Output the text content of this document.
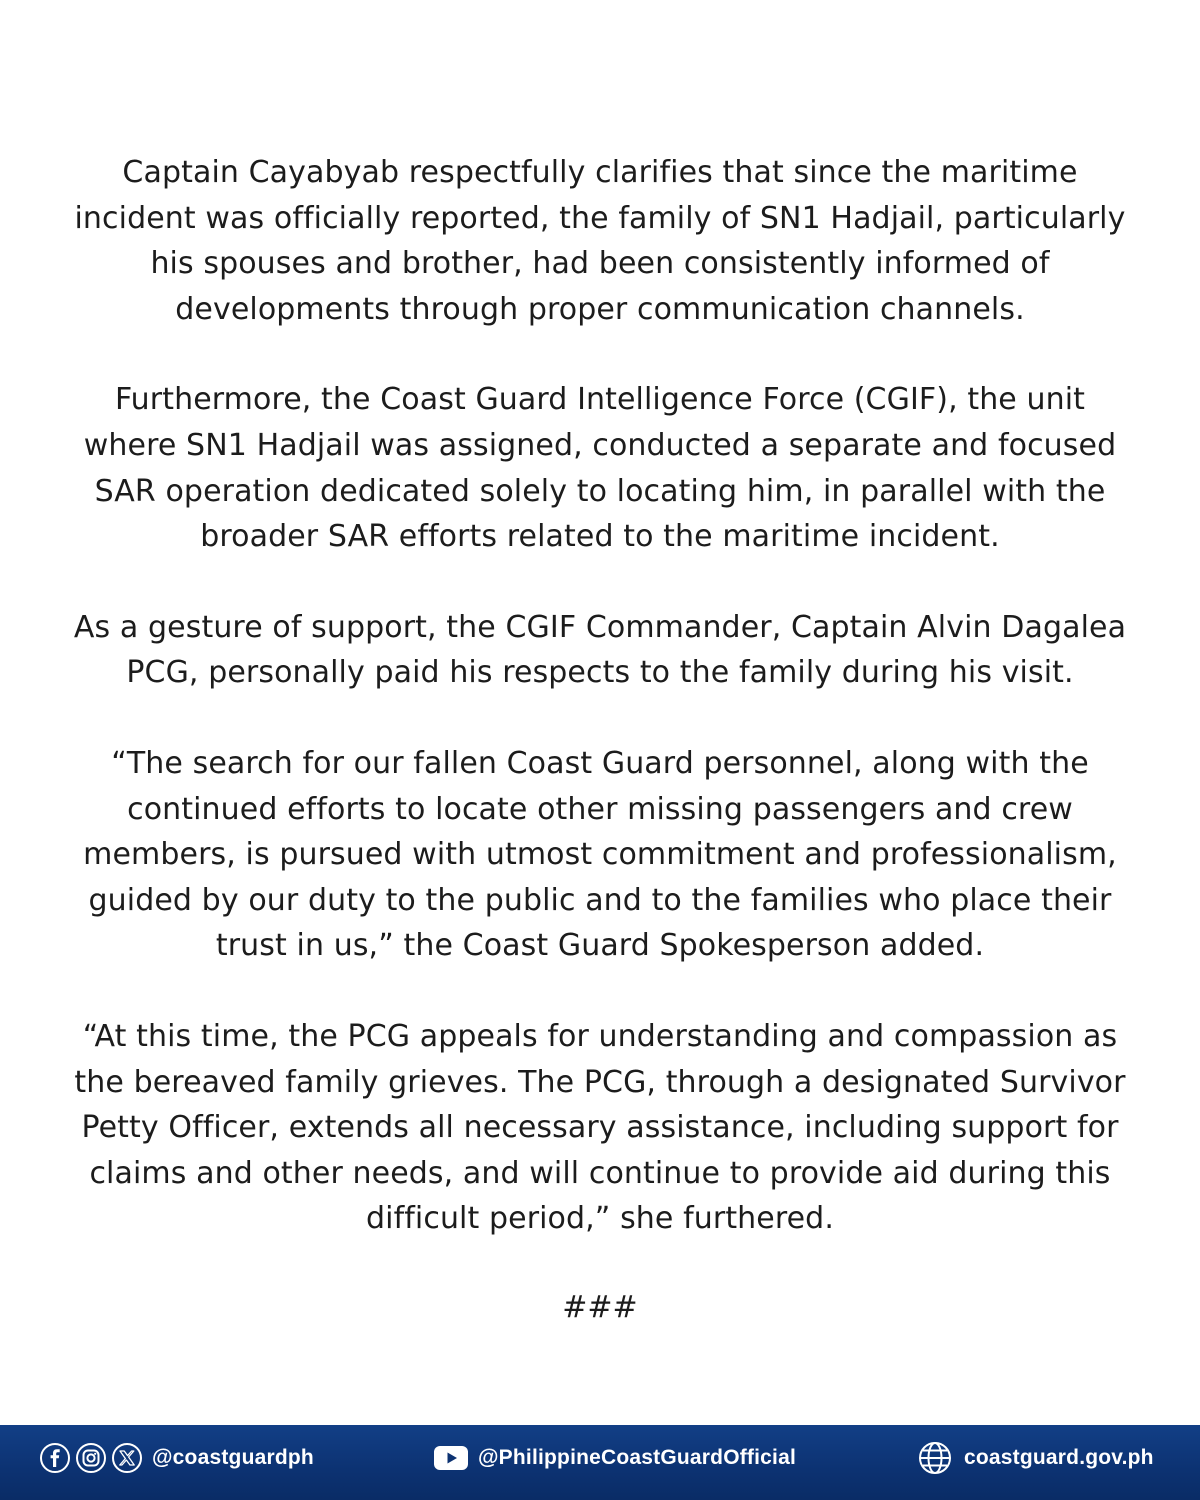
Captain Cayabyab respectfully clarifies that since the maritime
incident was officially reported, the family of SN1 Hadjail, particularly
his spouses and brother, had been consistently informed of
developments through proper communication channels.

Furthermore, the Coast Guard Intelligence Force (CGIF), the unit
where SN1 Hadjail was assigned, conducted a separate and focused
SAR operation dedicated solely to locating him, in parallel with the
broader SAR efforts related to the maritime incident.

As a gesture of support, the CGIF Commander, Captain Alvin Dagalea
PCG, personally paid his respects to the family during his visit.

“The search for our fallen Coast Guard personnel, along with the
continued efforts to locate other missing passengers and crew
members, is pursued with utmost commitment and professionalism,
guided by our duty to the public and to the families who place their
trust in us,” the Coast Guard Spokesperson added.

“At this time, the PCG appeals for understanding and compassion as
the bereaved family grieves. The PCG, through a designated Survivor
Petty Officer, extends all necessary assistance, including support for
claims and other needs, and will continue to provide aid during this
difficult period,” she furthered.

###
@coastguardph	@PhilippineCoastGuardOfficial	coastguard.gov.ph
